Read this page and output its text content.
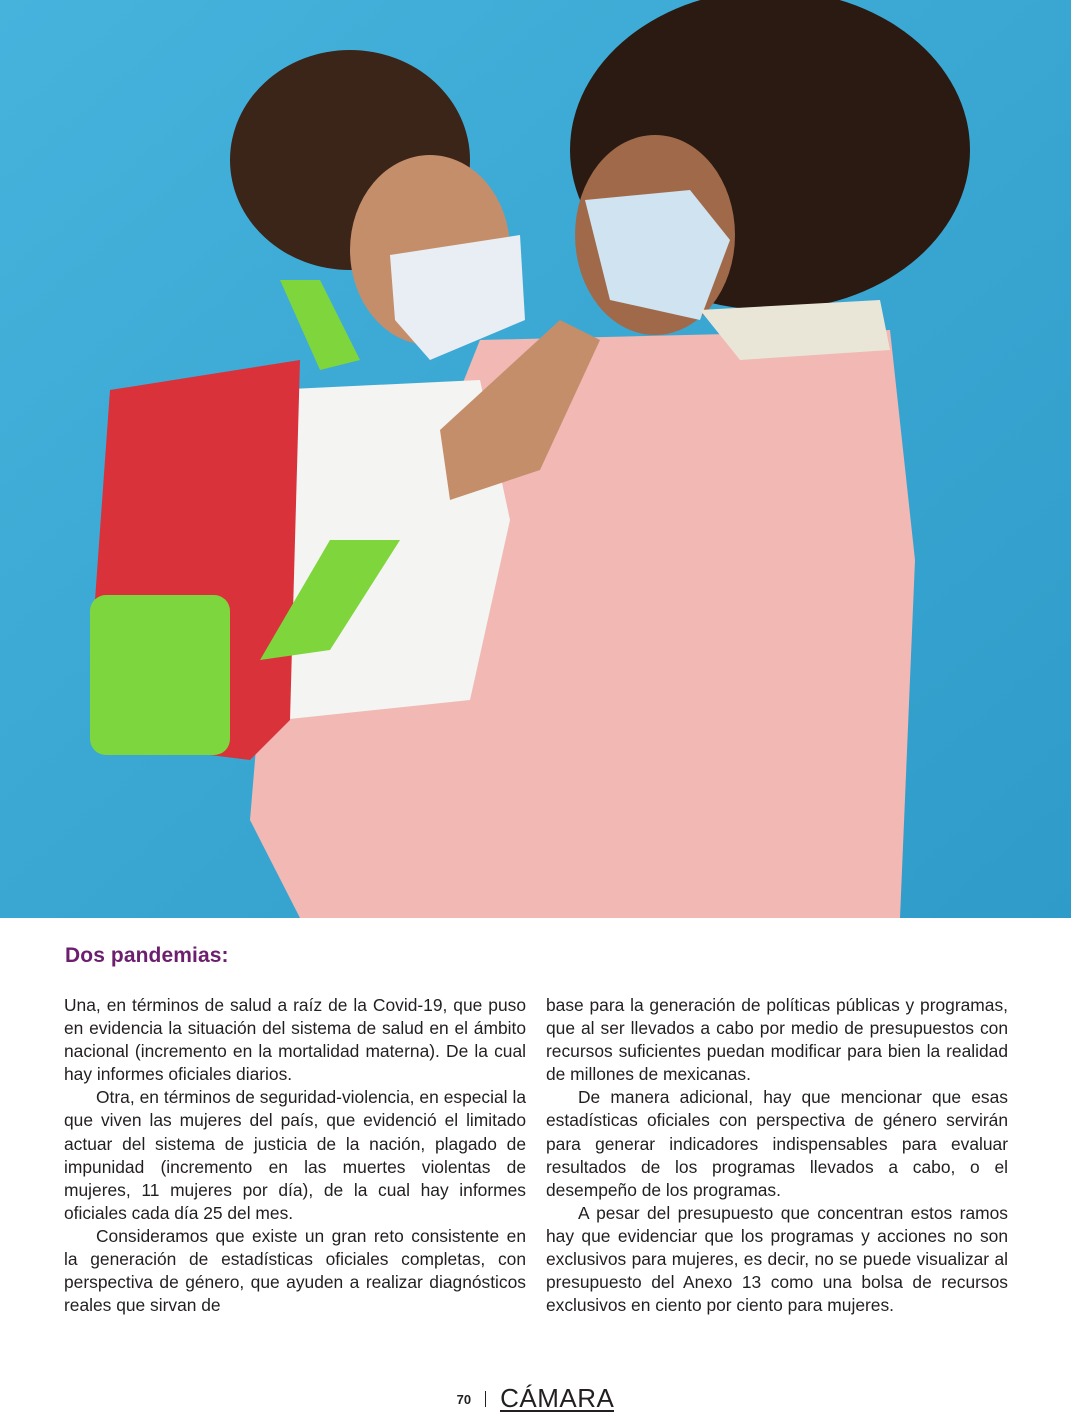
Dos pandemias:

Una, en términos de salud a raíz de la Covid-19, que puso en evidencia la situación del sistema de salud en el ámbito nacional (incremento en la mortalidad materna). De la cual hay informes oficiales diarios.

Otra, en términos de seguridad-violencia, en especial la que viven las mujeres del país, que evidenció el limitado actuar del sistema de justicia de la nación, plagado de impunidad (incremento en las muertes violentas de mujeres, 11 mujeres por día), de la cual hay informes oficiales cada día 25 del mes.

Consideramos que existe un gran reto consistente en la generación de estadísticas oficiales completas, con perspectiva de género, que ayuden a realizar diagnósticos reales que sirvan de

base para la generación de políticas públicas y programas, que al ser llevados a cabo por medio de presupuestos con recursos suficientes puedan modificar para bien la realidad de millones de mexicanas.

De manera adicional, hay que mencionar que esas estadísticas oficiales con perspectiva de género servirán para generar indicadores indispensables para evaluar resultados de los programas llevados a cabo, o el desempeño de los programas.

A pesar del presupuesto que concentran estos ramos hay que evidenciar que los programas y acciones no son exclusivos para mujeres, es decir, no se puede visualizar al presupuesto del Anexo 13 como una bolsa de recursos exclusivos en ciento por ciento para mujeres.

70 CÁMARA
